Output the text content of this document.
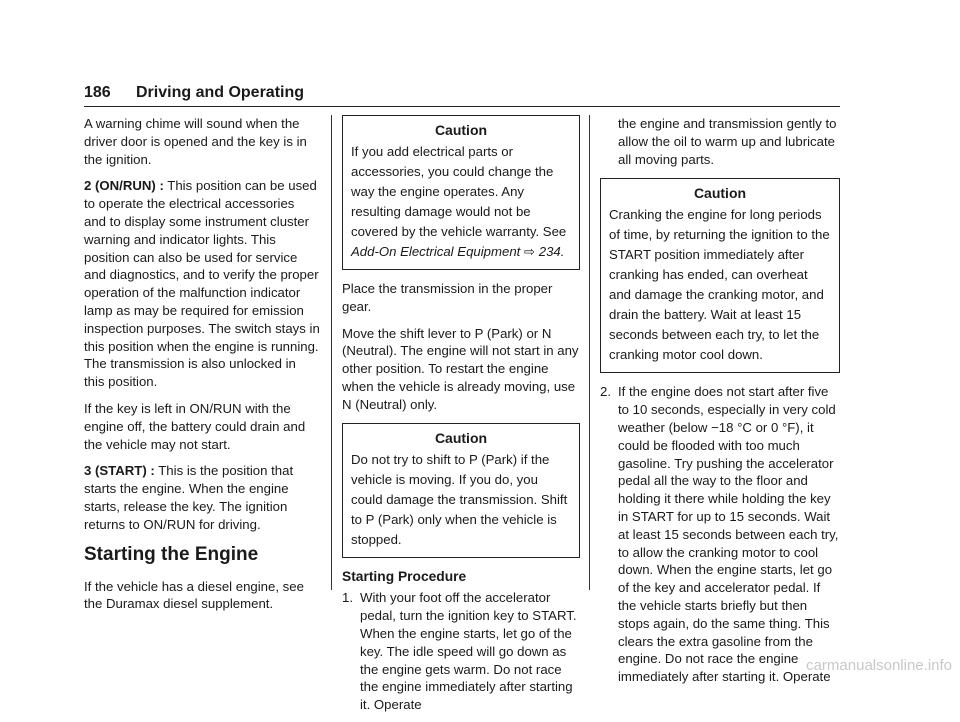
186 Driving and Operating

A warning chime will sound when the driver door is opened and the key is in the ignition.

2 (ON/RUN) : This position can be used to operate the electrical accessories and to display some instrument cluster warning and indicator lights. This position can also be used for service and diagnostics, and to verify the proper operation of the malfunction indicator lamp as may be required for emission inspection purposes. The switch stays in this position when the engine is running. The transmission is also unlocked in this position.

If the key is left in ON/RUN with the engine off, the battery could drain and the vehicle may not start.

3 (START) : This is the position that starts the engine. When the engine starts, release the key. The ignition returns to ON/RUN for driving.

Starting the Engine

If the vehicle has a diesel engine, see the Duramax diesel supplement.

Caution

If you add electrical parts or accessories, you could change the way the engine operates. Any resulting damage would not be covered by the vehicle warranty. See Add-On Electrical Equipment ⇨ 234.

Place the transmission in the proper gear.

Move the shift lever to P (Park) or N (Neutral). The engine will not start in any other position. To restart the engine when the vehicle is already moving, use N (Neutral) only.

Caution

Do not try to shift to P (Park) if the vehicle is moving. If you do, you could damage the transmission. Shift to P (Park) only when the vehicle is stopped.

Starting Procedure
1. With your foot off the accelerator pedal, turn the ignition key to START. When the engine starts, let go of the key. The idle speed will go down as the engine gets warm. Do not race the engine immediately after starting it. Operate

the engine and transmission gently to allow the oil to warm up and lubricate all moving parts.

Caution

Cranking the engine for long periods of time, by returning the ignition to the START position immediately after cranking has ended, can overheat and damage the cranking motor, and drain the battery. Wait at least 15 seconds between each try, to let the cranking motor cool down.

2. If the engine does not start after five to 10 seconds, especially in very cold weather (below −18 °C or 0 °F), it could be flooded with too much gasoline. Try pushing the accelerator pedal all the way to the floor and holding it there while holding the key in START for up to 15 seconds. Wait at least 15 seconds between each try, to allow the cranking motor to cool down. When the engine starts, let go of the key and accelerator pedal. If the vehicle starts briefly but then stops again, do the same thing. This clears the extra gasoline from the engine. Do not race the engine immediately after starting it. Operate
carmanualsonline.info
